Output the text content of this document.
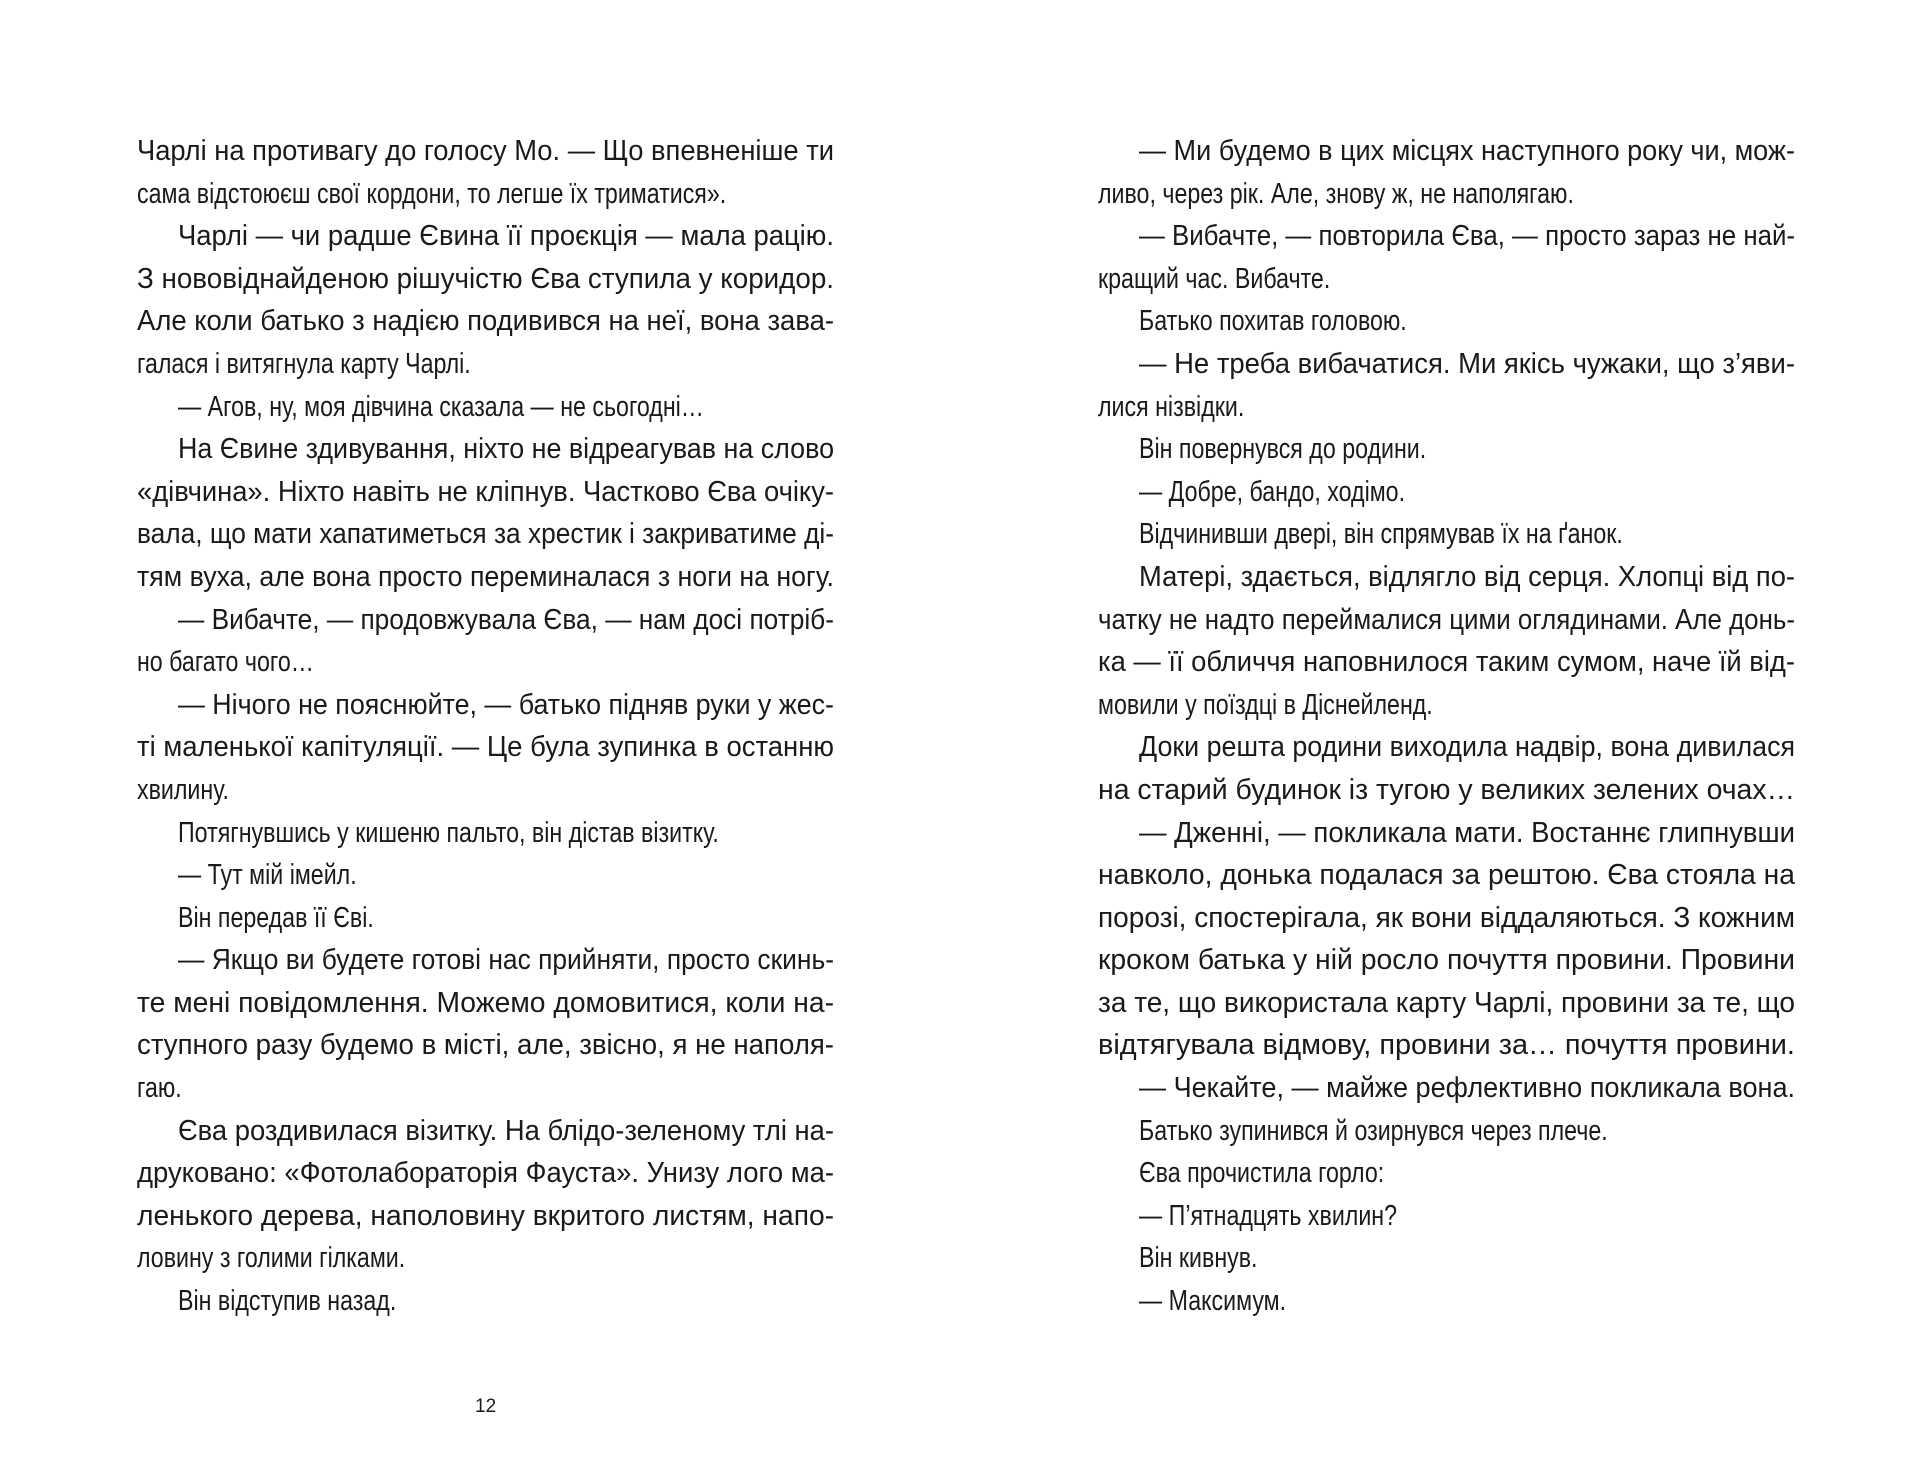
Чарлі на противагу до голосу Мо. — Що впевненіше ти
сама відстоюєш свої кордони, то легше їх триматися».
Чарлі — чи радше Євина її проєкція — мала рацію.
З нововіднайденою рішучістю Єва ступила у коридор.
Але коли батько з надією подивився на неї, вона зава-
галася і витягнула карту Чарлі.
— Агов, ну, моя дівчина сказала — не сьогодні…
На Євине здивування, ніхто не відреагував на слово
«дівчина». Ніхто навіть не кліпнув. Частково Єва очіку-
вала, що мати хапатиметься за хрестик і закриватиме ді-
тям вуха, але вона просто переминалася з ноги на ногу.
— Вибачте, — продовжувала Єва, — нам досі потріб-
но багато чого…
— Нічого не пояснюйте, — батько підняв руки у жес-
ті маленької капітуляції. — Це була зупинка в останню
хвилину.
Потягнувшись у кишеню пальто, він дістав візитку.
— Тут мій імейл.
Він передав її Єві.
— Якщо ви будете готові нас прийняти, просто скинь-
те мені повідомлення. Можемо домовитися, коли на-
ступного разу будемо в місті, але, звісно, я не наполя-
гаю.
Єва роздивилася візитку. На блідо-зеленому тлі на-
друковано: «Фотолабораторія Фауста». Унизу лого ма-
ленького дерева, наполовину вкритого листям, напо-
ловину з голими гілками.
Він відступив назад.
12
— Ми будемо в цих місцях наступного року чи, мож-
ливо, через рік. Але, знову ж, не наполягаю.
— Вибачте, — повторила Єва, — просто зараз не най-
кращий час. Вибачте.
Батько похитав головою.
— Не треба вибачатися. Ми якісь чужаки, що з’яви-
лися нізвідки.
Він повернувся до родини.
— Добре, бандо, ходімо.
Відчинивши двері, він спрямував їх на ґанок.
Матері, здається, відлягло від серця. Хлопці від по-
чатку не надто переймалися цими оглядинами. Але донь-
ка — її обличчя наповнилося таким сумом, наче їй від-
мовили у поїздці в Діснейленд.
Доки решта родини виходила надвір, вона дивилася
на старий будинок із тугою у великих зелених очах…
— Дженні, — покликала мати. Востаннє глипнувши
навколо, донька подалася за рештою. Єва стояла на
порозі, спостерігала, як вони віддаляються. З кожним
кроком батька у ній росло почуття провини. Провини
за те, що використала карту Чарлі, провини за те, що
відтягувала відмову, провини за… почуття провини.
— Чекайте, — майже рефлективно покликала вона.
Батько зупинився й озирнувся через плече.
Єва прочистила горло:
— П’ятнадцять хвилин?
Він кивнув.
— Максимум.
